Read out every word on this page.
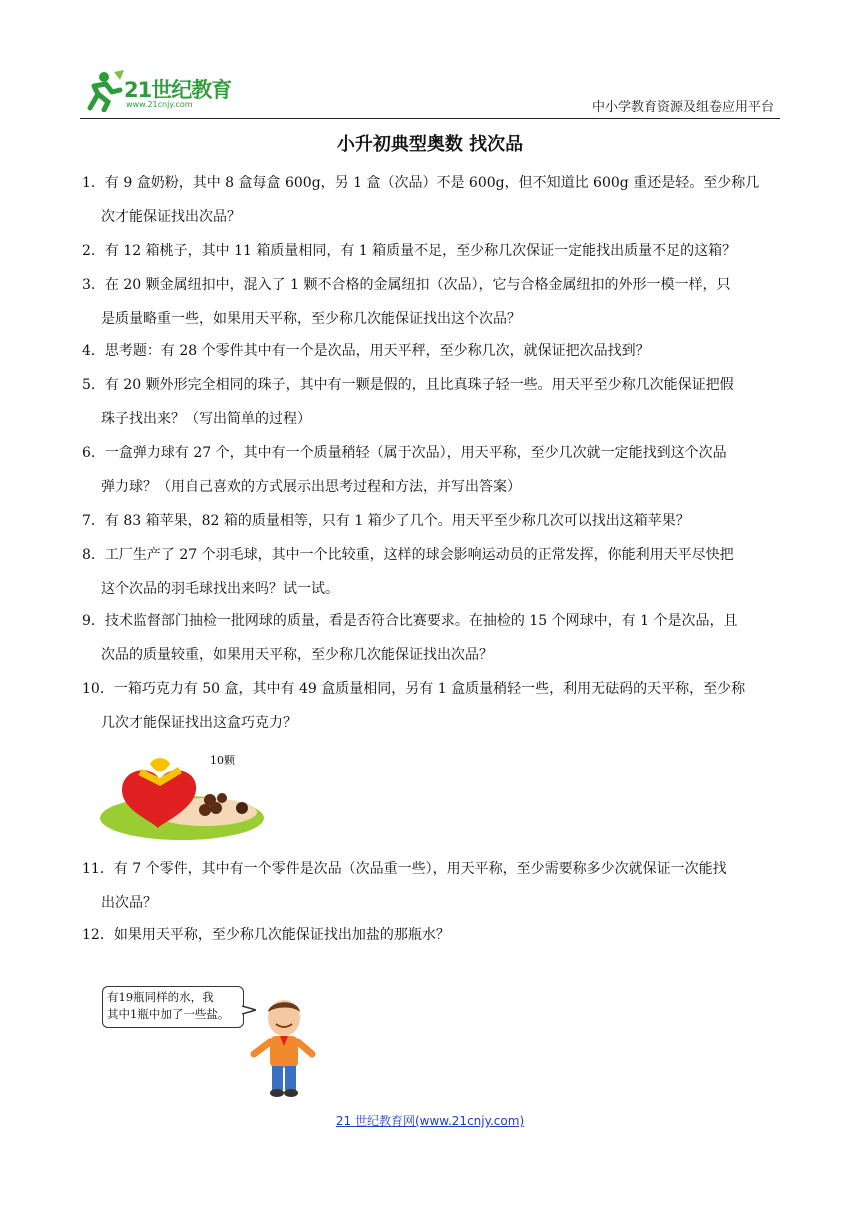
21世纪教育
www.21cnjy.com	中小学教育资源及组卷应用平台
小升初典型奥数 找次品
1．有 9 盒奶粉，其中 8 盒每盒 600g，另 1 盒（次品）不是 600g，但不知道比 600g 重还是轻。至少称几
次才能保证找出次品？
2．有 12 箱桃子，其中 11 箱质量相同，有 1 箱质量不足，至少称几次保证一定能找出质量不足的这箱？
3．在 20 颗金属纽扣中，混入了 1 颗不合格的金属纽扣（次品），它与合格金属纽扣的外形一模一样，只
是质量略重一些，如果用天平称，至少称几次能保证找出这个次品？
4．思考题：有 28 个零件其中有一个是次品，用天平秤，至少称几次，就保证把次品找到？
5．有 20 颗外形完全相同的珠子，其中有一颗是假的，且比真珠子轻一些。用天平至少称几次能保证把假
珠子找出来？（写出简单的过程）
6．一盒弹力球有 27 个，其中有一个质量稍轻（属于次品），用天平称，至少几次就一定能找到这个次品
弹力球？（用自己喜欢的方式展示出思考过程和方法，并写出答案）
7．有 83 箱苹果，82 箱的质量相等，只有 1 箱少了几个。用天平至少称几次可以找出这箱苹果？
8．工厂生产了 27 个羽毛球，其中一个比较重，这样的球会影响运动员的正常发挥，你能利用天平尽快把
这个次品的羽毛球找出来吗？试一试。
9．技术监督部门抽检一批网球的质量，看是否符合比赛要求。在抽检的 15 个网球中，有 1 个是次品，且
次品的质量较重，如果用天平称，至少称几次能保证找出次品？
10．一箱巧克力有 50 盒，其中有 49 盒质量相同，另有 1 盒质量稍轻一些，利用无砝码的天平称，至少称
几次才能保证找出这盒巧克力？
10颗
11．有 7 个零件，其中有一个零件是次品（次品重一些），用天平称，至少需要称多少次就保证一次能找
出次品？
12．如果用天平称，至少称几次能保证找出加盐的那瓶水？
有19瓶同样的水，我
其中1瓶中加了一些盐。
21 世纪教育网(www.21cnjy.com)
